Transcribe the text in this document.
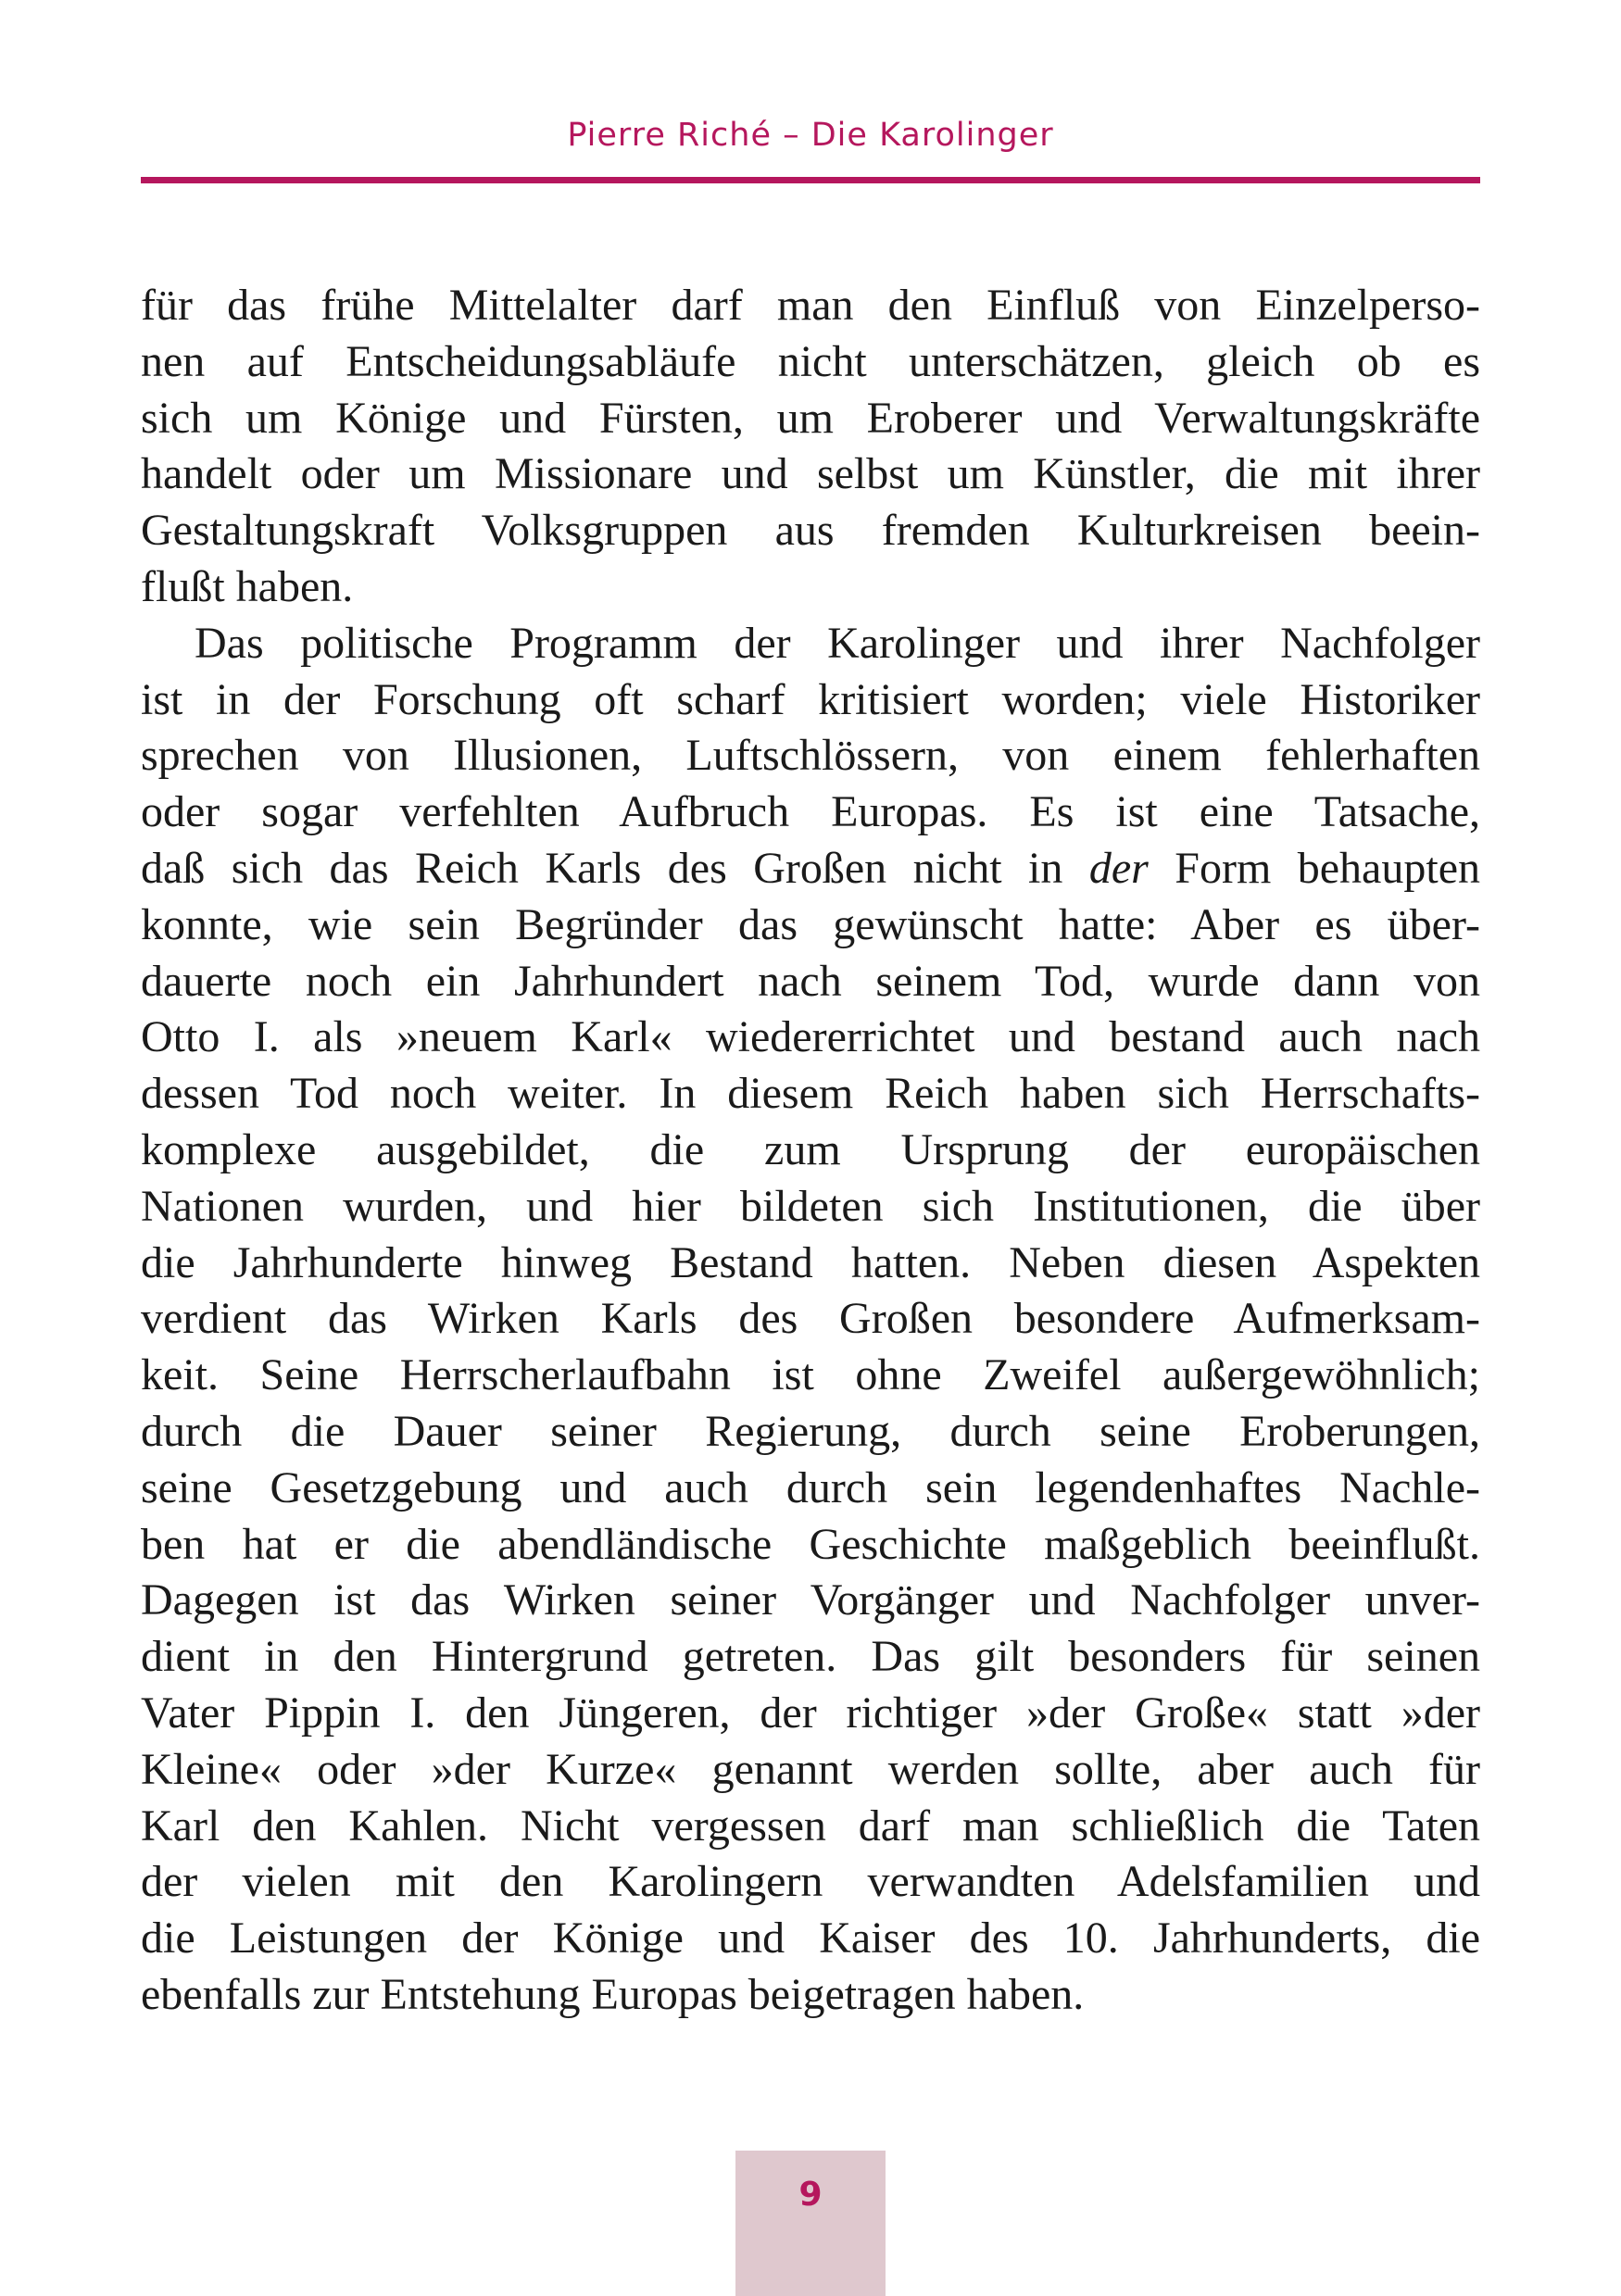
Pierre Riché – Die Karolinger
für das frühe Mittelalter darf man den Einfluß von Einzelperso-
nen auf Entscheidungsabläufe nicht unterschätzen, gleich ob es
sich um Könige und Fürsten, um Eroberer und Verwaltungskräfte
handelt oder um Missionare und selbst um Künstler, die mit ihrer
Gestaltungskraft Volksgruppen aus fremden Kulturkreisen beein-
flußt haben.
Das politische Programm der Karolinger und ihrer Nachfolger
ist in der Forschung oft scharf kritisiert worden; viele Historiker
sprechen von Illusionen, Luftschlössern, von einem fehlerhaften
oder sogar verfehlten Aufbruch Europas. Es ist eine Tatsache,
daß sich das Reich Karls des Großen nicht in der Form behaupten
konnte, wie sein Begründer das gewünscht hatte: Aber es über-
dauerte noch ein Jahrhundert nach seinem Tod, wurde dann von
Otto I. als »neuem Karl« wiedererrichtet und bestand auch nach
dessen Tod noch weiter. In diesem Reich haben sich Herrschafts-
komplexe ausgebildet, die zum Ursprung der europäischen
Nationen wurden, und hier bildeten sich Institutionen, die über
die Jahrhunderte hinweg Bestand hatten. Neben diesen Aspekten
verdient das Wirken Karls des Großen besondere Aufmerksam-
keit. Seine Herrscherlaufbahn ist ohne Zweifel außergewöhnlich;
durch die Dauer seiner Regierung, durch seine Eroberungen,
seine Gesetzgebung und auch durch sein legendenhaftes Nachle-
ben hat er die abendländische Geschichte maßgeblich beeinflußt.
Dagegen ist das Wirken seiner Vorgänger und Nachfolger unver-
dient in den Hintergrund getreten. Das gilt besonders für seinen
Vater Pippin I. den Jüngeren, der richtiger »der Große« statt »der
Kleine« oder »der Kurze« genannt werden sollte, aber auch für
Karl den Kahlen. Nicht vergessen darf man schließlich die Taten
der vielen mit den Karolingern verwandten Adelsfamilien und
die Leistungen der Könige und Kaiser des 10. Jahrhunderts, die
ebenfalls zur Entstehung Europas beigetragen haben.
9
